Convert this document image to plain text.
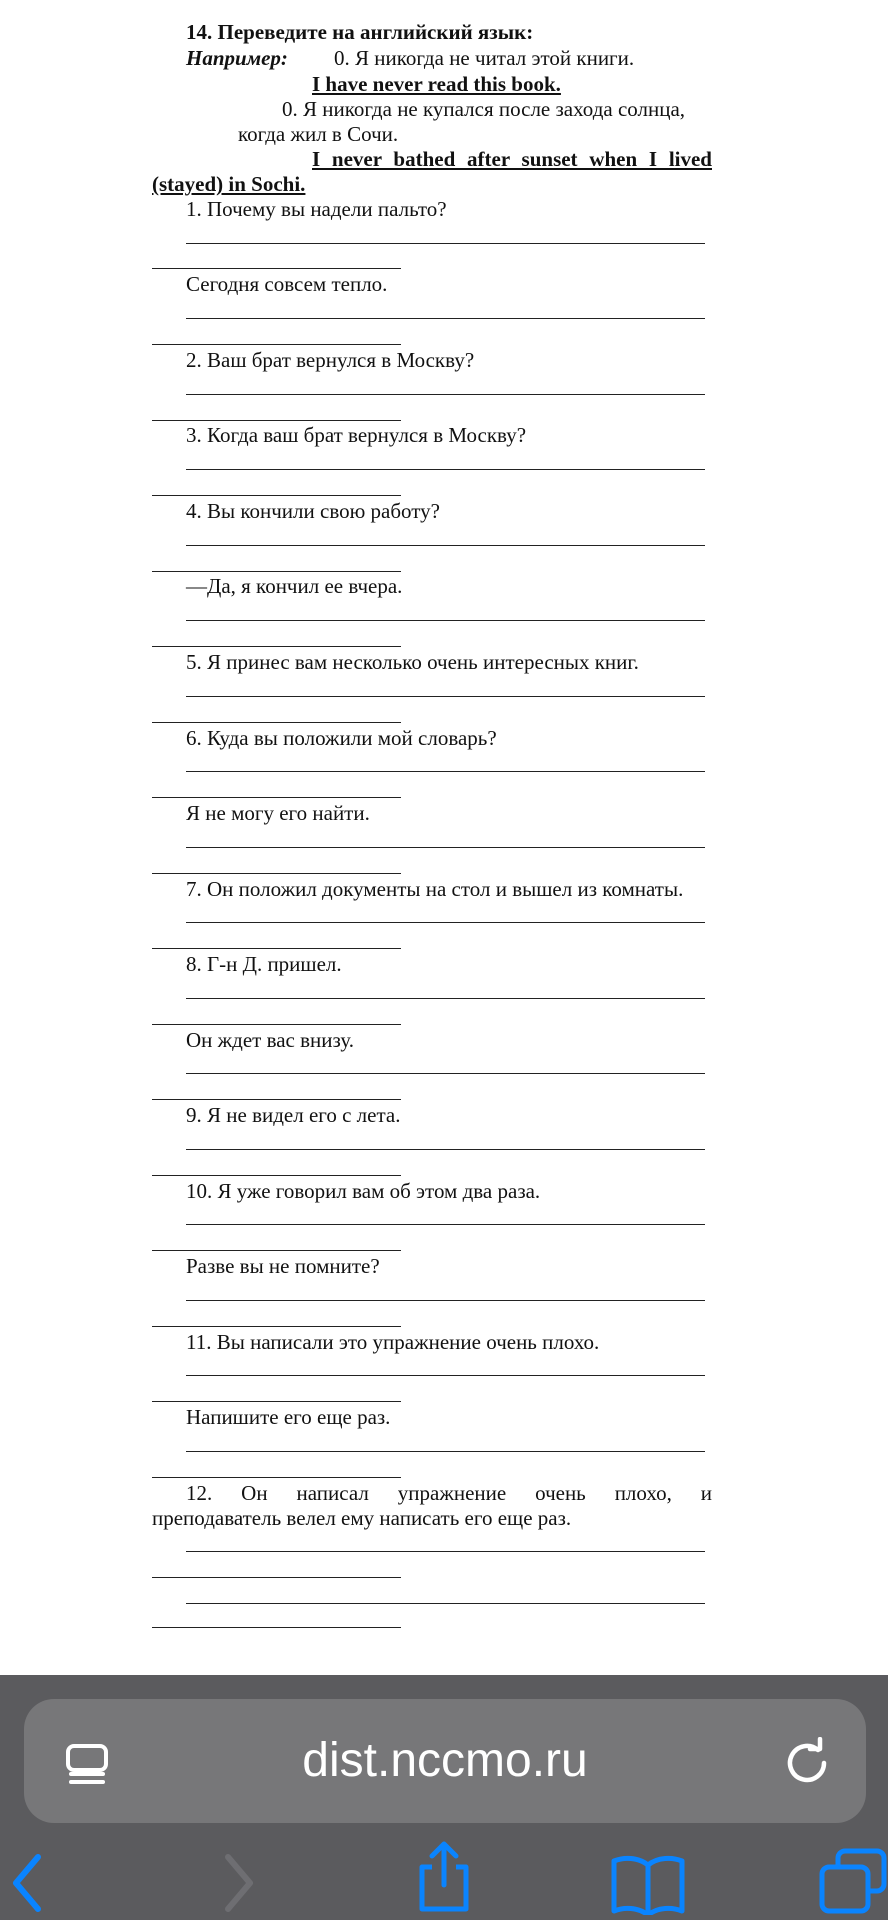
14. Переведите на английский язык:
Например: 0. Я никогда не читал этой книги.
I have never read this book.
0. Я никогда не купался после захода солнца,
когда жил в Сочи.
I never bathed after sunset when I lived
(stayed) in Sochi.
1. Почему вы надели пальто?
Сегодня совсем тепло.
2. Ваш брат вернулся в Москву?
3. Когда ваш брат вернулся в Москву?
4. Вы кончили свою работу?
—Да, я кончил ее вчера.
5. Я принес вам несколько очень интересных книг.
6. Куда вы положили мой словарь?
Я не могу его найти.
7. Он положил документы на стол и вышел из комнаты.
8. Г-н Д. пришел.
Он ждет вас внизу.
9. Я не видел его с лета.
10. Я уже говорил вам об этом два раза.
Разве вы не помните?
11. Вы написали это упражнение очень плохо.
Напишите его еще раз.
12. Он написал упражнение очень плохо, и
преподаватель велел ему написать его еще раз.
dist.nccmo.ru
